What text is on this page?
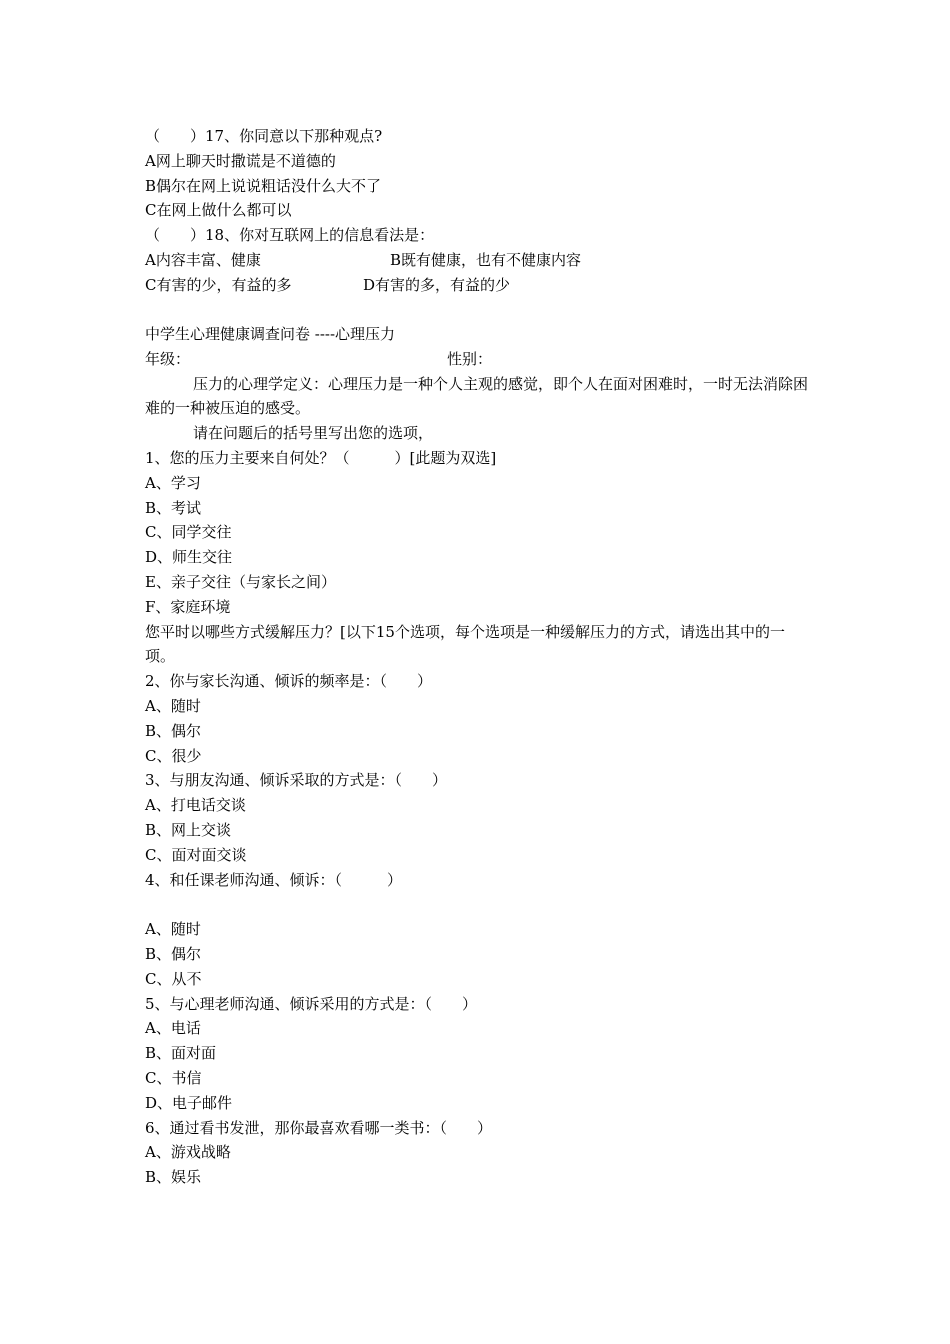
（　　）17、你同意以下那种观点?
A网上聊天时撒谎是不道德的
B偶尔在网上说说粗话没什么大不了
C在网上做什么都可以
（　　）18、你对互联网上的信息看法是：
A内容丰富、健康	B既有健康，也有不健康内容
C有害的少，有益的多	D有害的多，有益的少
中学生心理健康调查问卷 ----心理压力
年级：	性别：
压力的心理学定义：心理压力是一种个人主观的感觉，即个人在面对困难时，一时无法消除困难的一种被压迫的感受。
请在问题后的括号里写出您的选项，
1、您的压力主要来自何处？（　　　）[此题为双选]
A、学习
B、考试
C、同学交往
D、师生交往
E、亲子交往（与家长之间）
F、家庭环境
您平时以哪些方式缓解压力？[以下15个选项，每个选项是一种缓解压力的方式，请选出其中的一项。
2、你与家长沟通、倾诉的频率是：（　　）
A、随时
B、偶尔
C、很少
3、与朋友沟通、倾诉采取的方式是：（　　）
A、打电话交谈
B、网上交谈
C、面对面交谈
4、和任课老师沟通、倾诉：（　　　）
A、随时
B、偶尔
C、从不
5、与心理老师沟通、倾诉采用的方式是：（　　）
A、电话
B、面对面
C、书信
D、电子邮件
6、通过看书发泄，那你最喜欢看哪一类书：（　　）
A、游戏战略
B、娱乐
